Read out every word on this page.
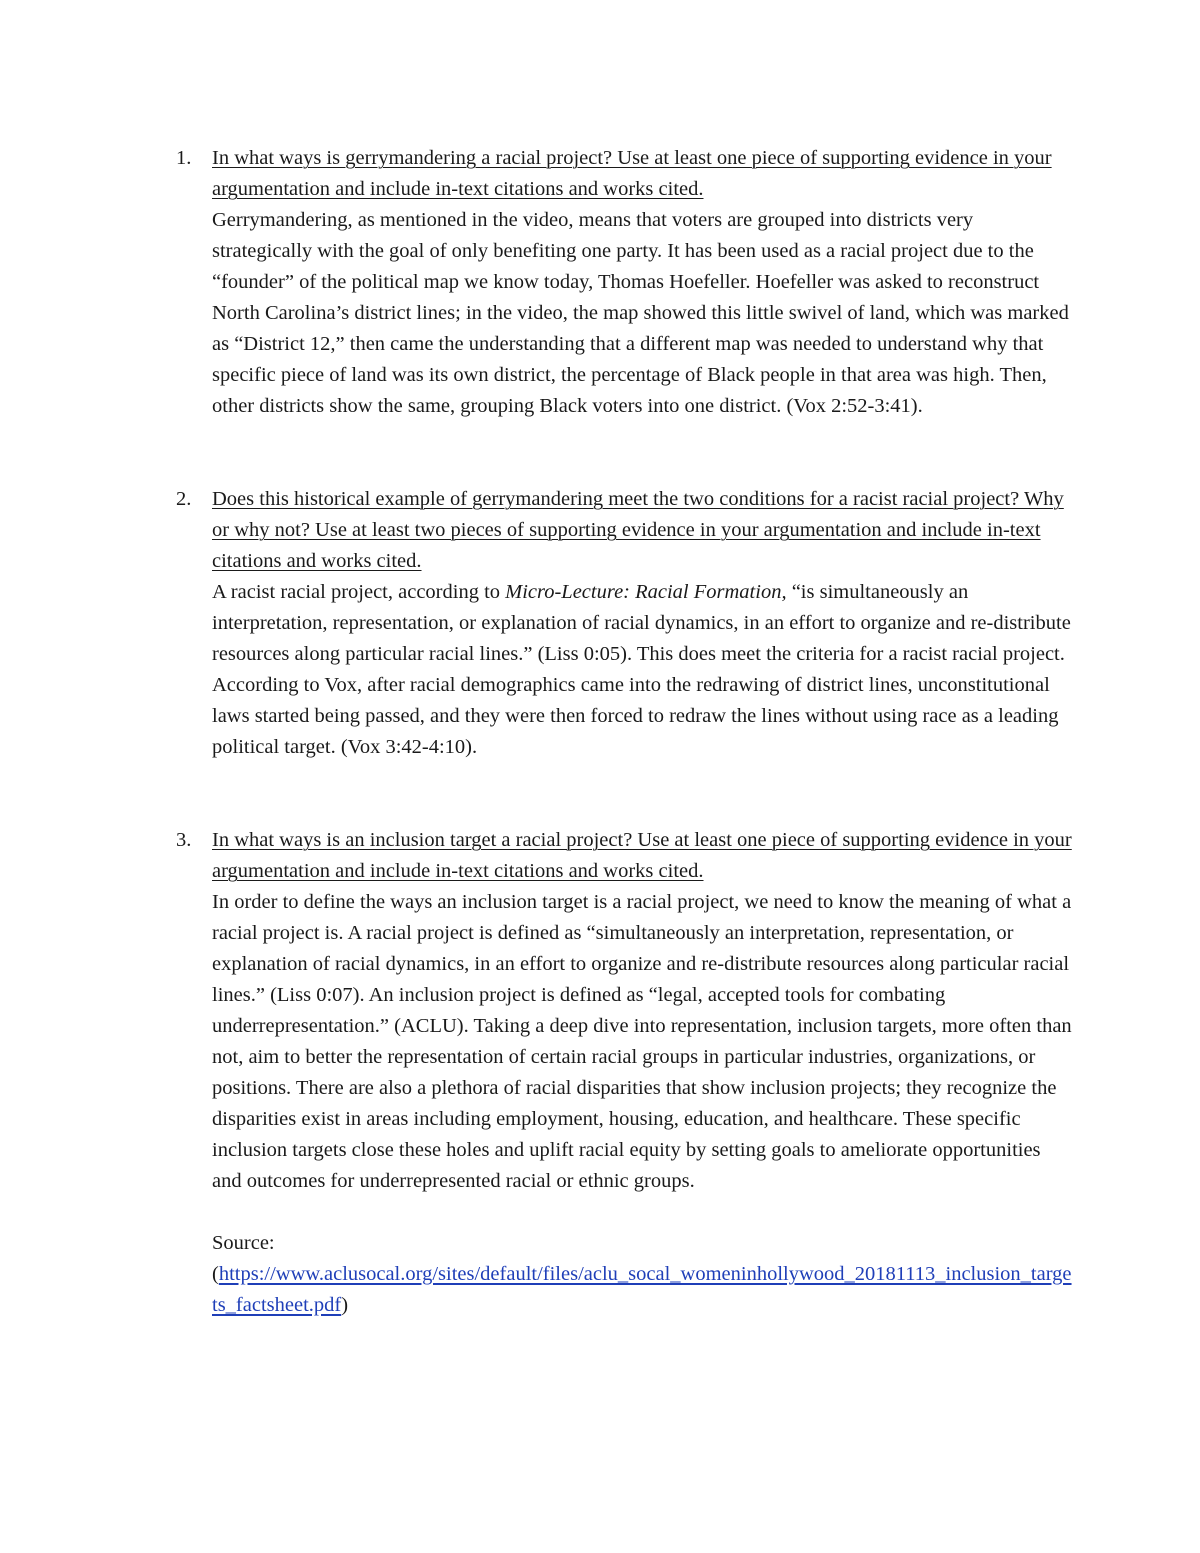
1. In what ways is gerrymandering a racial project? Use at least one piece of supporting evidence in your argumentation and include in-text citations and works cited.
Gerrymandering, as mentioned in the video, means that voters are grouped into districts very strategically with the goal of only benefiting one party. It has been used as a racial project due to the “founder” of the political map we know today, Thomas Hoefeller. Hoefeller was asked to reconstruct North Carolina’s district lines; in the video, the map showed this little swivel of land, which was marked as “District 12,” then came the understanding that a different map was needed to understand why that specific piece of land was its own district, the percentage of Black people in that area was high. Then, other districts show the same, grouping Black voters into one district. (Vox 2:52-3:41).
2. Does this historical example of gerrymandering meet the two conditions for a racist racial project? Why or why not? Use at least two pieces of supporting evidence in your argumentation and include in-text citations and works cited.
A racist racial project, according to Micro-Lecture: Racial Formation, “is simultaneously an interpretation, representation, or explanation of racial dynamics, in an effort to organize and re-distribute resources along particular racial lines.” (Liss 0:05). This does meet the criteria for a racist racial project. According to Vox, after racial demographics came into the redrawing of district lines, unconstitutional laws started being passed, and they were then forced to redraw the lines without using race as a leading political target. (Vox 3:42-4:10).
3. In what ways is an inclusion target a racial project? Use at least one piece of supporting evidence in your argumentation and include in-text citations and works cited.
In order to define the ways an inclusion target is a racial project, we need to know the meaning of what a racial project is. A racial project is defined as “simultaneously an interpretation, representation, or explanation of racial dynamics, in an effort to organize and re-distribute resources along particular racial lines.” (Liss 0:07). An inclusion project is defined as “legal, accepted tools for combating underrepresentation.” (ACLU). Taking a deep dive into representation, inclusion targets, more often than not, aim to better the representation of certain racial groups in particular industries, organizations, or positions. There are also a plethora of racial disparities that show inclusion projects; they recognize the disparities exist in areas including employment, housing, education, and healthcare. These specific inclusion targets close these holes and uplift racial equity by setting goals to ameliorate opportunities and outcomes for underrepresented racial or ethnic groups.
Source:
(https://www.aclusocal.org/sites/default/files/aclu_socal_womeninhollywood_20181113_inclusion_targets_factsheet.pdf)
